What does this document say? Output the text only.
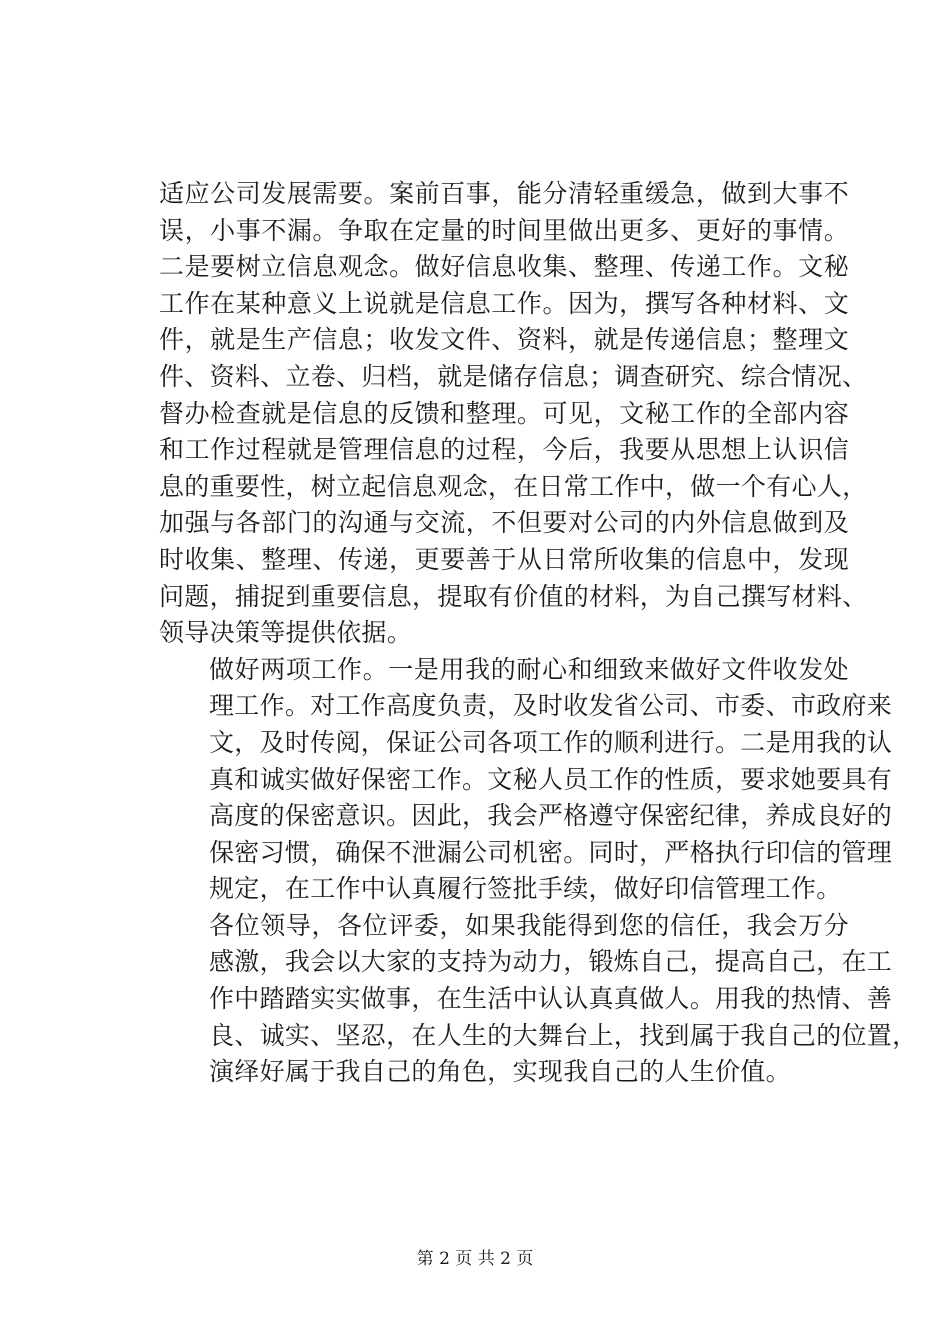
适应公司发展需要。案前百事，能分清轻重缓急，做到大事不
误，小事不漏。争取在定量的时间里做出更多、更好的事情。
二是要树立信息观念。做好信息收集、整理、传递工作。文秘
工作在某种意义上说就是信息工作。因为，撰写各种材料、文
件，就是生产信息；收发文件、资料，就是传递信息；整理文
件、资料、立卷、归档，就是储存信息；调查研究、综合情况、
督办检查就是信息的反馈和整理。可见，文秘工作的全部内容
和工作过程就是管理信息的过程，今后，我要从思想上认识信
息的重要性，树立起信息观念，在日常工作中，做一个有心人，
加强与各部门的沟通与交流，不但要对公司的内外信息做到及
时收集、整理、传递，更要善于从日常所收集的信息中，发现
问题，捕捉到重要信息，提取有价值的材料，为自己撰写材料、
领导决策等提供依据。
做好两项工作。一是用我的耐心和细致来做好文件收发处
理工作。对工作高度负责，及时收发省公司、市委、市政府来
文，及时传阅，保证公司各项工作的顺利进行。二是用我的认
真和诚实做好保密工作。文秘人员工作的性质，要求她要具有
高度的保密意识。因此，我会严格遵守保密纪律，养成良好的
保密习惯，确保不泄漏公司机密。同时，严格执行印信的管理
规定，在工作中认真履行签批手续，做好印信管理工作。
各位领导，各位评委，如果我能得到您的信任，我会万分
感激，我会以大家的支持为动力，锻炼自己，提高自己，在工
作中踏踏实实做事，在生活中认认真真做人。用我的热情、善
良、诚实、坚忍，在人生的大舞台上，找到属于我自己的位置，
演绎好属于我自己的角色，实现我自己的人生价值。
第 2 页 共 2 页
